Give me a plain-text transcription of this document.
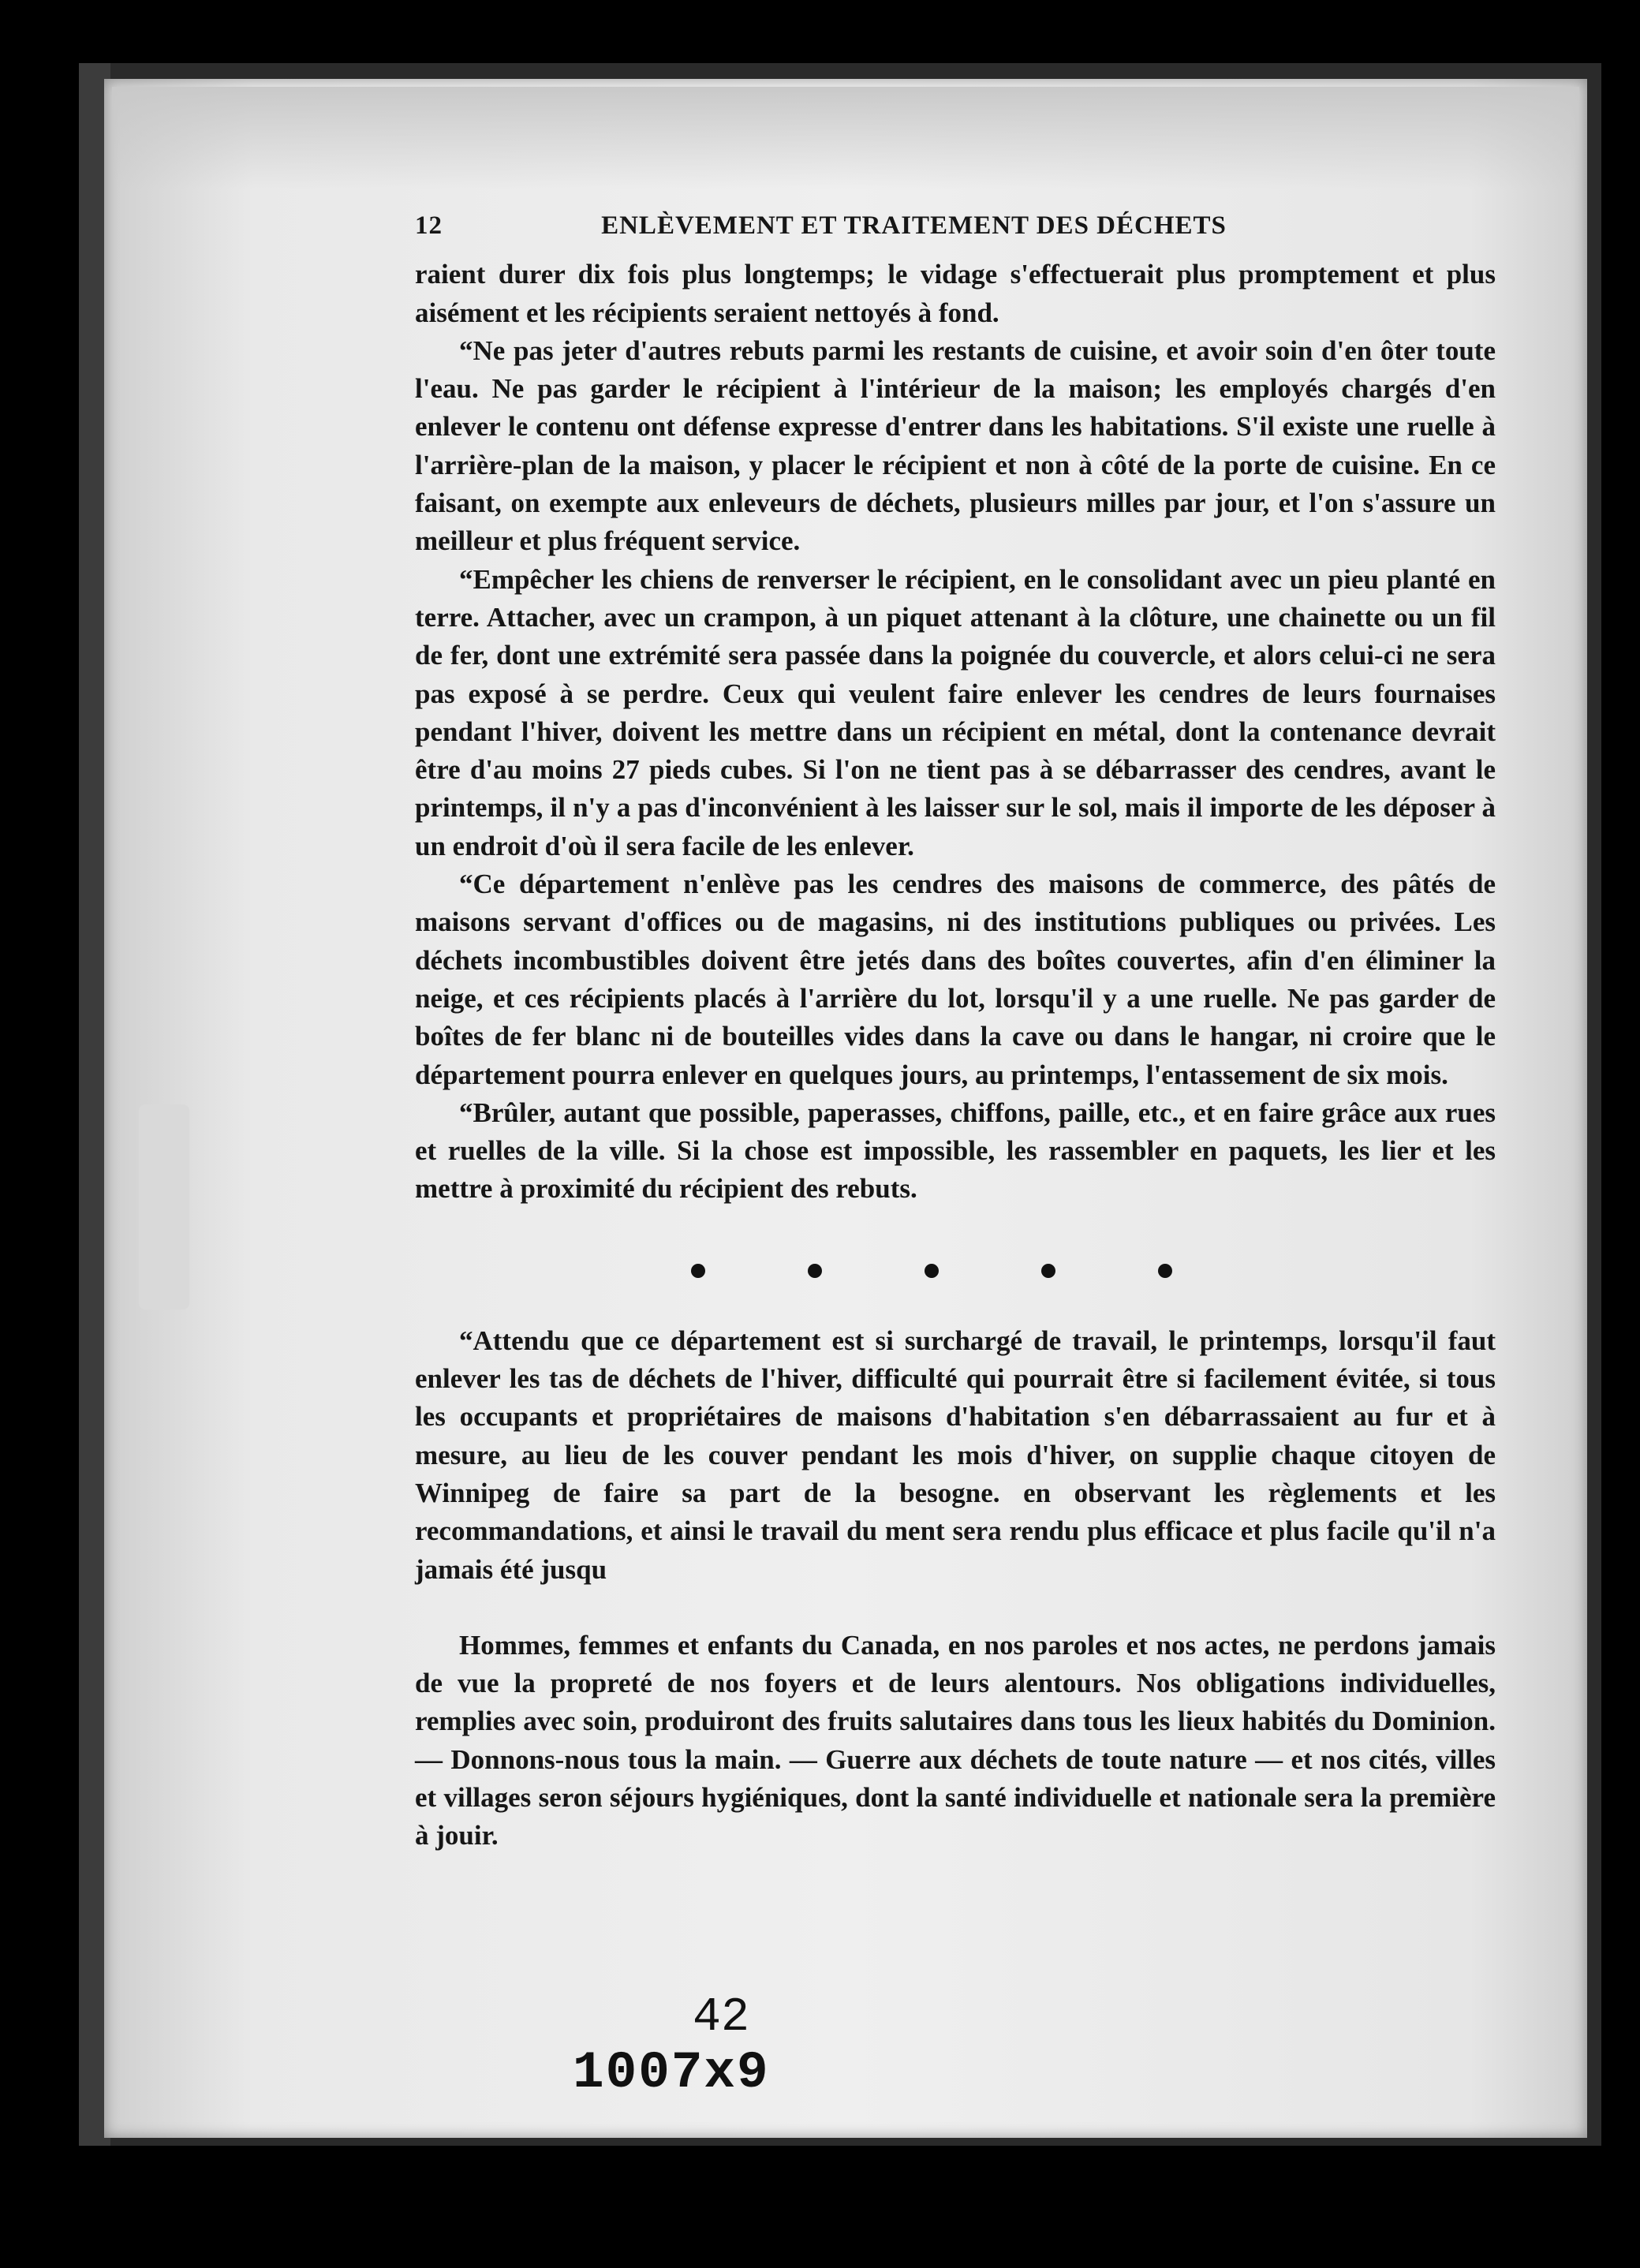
12	ENLÈVEMENT ET TRAITEMENT DES DÉCHETS

raient durer dix fois plus longtemps; le vidage s'effectuerait plus promptement et plus aisément et les récipients seraient nettoyés à fond.

“Ne pas jeter d'autres rebuts parmi les restants de cuisine, et avoir soin d'en ôter toute l'eau. Ne pas garder le récipient à l'intérieur de la maison; les employés chargés d'en enlever le contenu ont défense expresse d'entrer dans les habitations. S'il existe une ruelle à l'arrière-plan de la maison, y placer le récipient et non à côté de la porte de cuisine. En ce faisant, on exempte aux enleveurs de déchets, plusieurs milles par jour, et l'on s'assure un meilleur et plus fréquent service.

“Empêcher les chiens de renverser le récipient, en le consolidant avec un pieu planté en terre. Attacher, avec un crampon, à un piquet attenant à la clôture, une chainette ou un fil de fer, dont une extrémité sera passée dans la poignée du couvercle, et alors celui-ci ne sera pas exposé à se perdre. Ceux qui veulent faire enlever les cendres de leurs fournaises pendant l'hiver, doivent les mettre dans un récipient en métal, dont la contenance devrait être d'au moins 27 pieds cubes. Si l'on ne tient pas à se débarrasser des cendres, avant le printemps, il n'y a pas d'inconvénient à les laisser sur le sol, mais il importe de les déposer à un endroit d'où il sera facile de les enlever.

“Ce département n'enlève pas les cendres des maisons de commerce, des pâtés de maisons servant d'offices ou de magasins, ni des institutions publiques ou privées. Les déchets incombustibles doivent être jetés dans des boîtes couvertes, afin d'en éliminer la neige, et ces récipients placés à l'arrière du lot, lorsqu'il y a une ruelle. Ne pas garder de boîtes de fer blanc ni de bouteilles vides dans la cave ou dans le hangar, ni croire que le département pourra enlever en quelques jours, au printemps, l'entassement de six mois.

“Brûler, autant que possible, paperasses, chiffons, paille, etc., et en faire grâce aux rues et ruelles de la ville. Si la chose est impossible, les rassembler en paquets, les lier et les mettre à proximité du récipient des rebuts.

“Attendu que ce département est si surchargé de travail, le printemps, lorsqu'il faut enlever les tas de déchets de l'hiver, difficulté qui pourrait être si facilement évitée, si tous les occupants et propriétaires de maisons d'habitation s'en débarrassaient au fur et à mesure, au lieu de les couver pendant les mois d'hiver, on supplie chaque citoyen de Winnipeg de faire sa part de la besogne. en observant les règlements et les recommandations, et ainsi le travail du ment sera rendu plus efficace et plus facile qu'il n'a jamais été jusqu

Hommes, femmes et enfants du Canada, en nos paroles et nos actes, ne perdons jamais de vue la propreté de nos foyers et de leurs alentours. Nos obligations individuelles, remplies avec soin, produiront des fruits salutaires dans tous les lieux habités du Dominion. — Donnons-nous tous la main. — Guerre aux déchets de toute nature — et nos cités, villes et villages seron séjours hygiéniques, dont la santé individuelle et nationale sera la première à jouir.

42
1007x9
